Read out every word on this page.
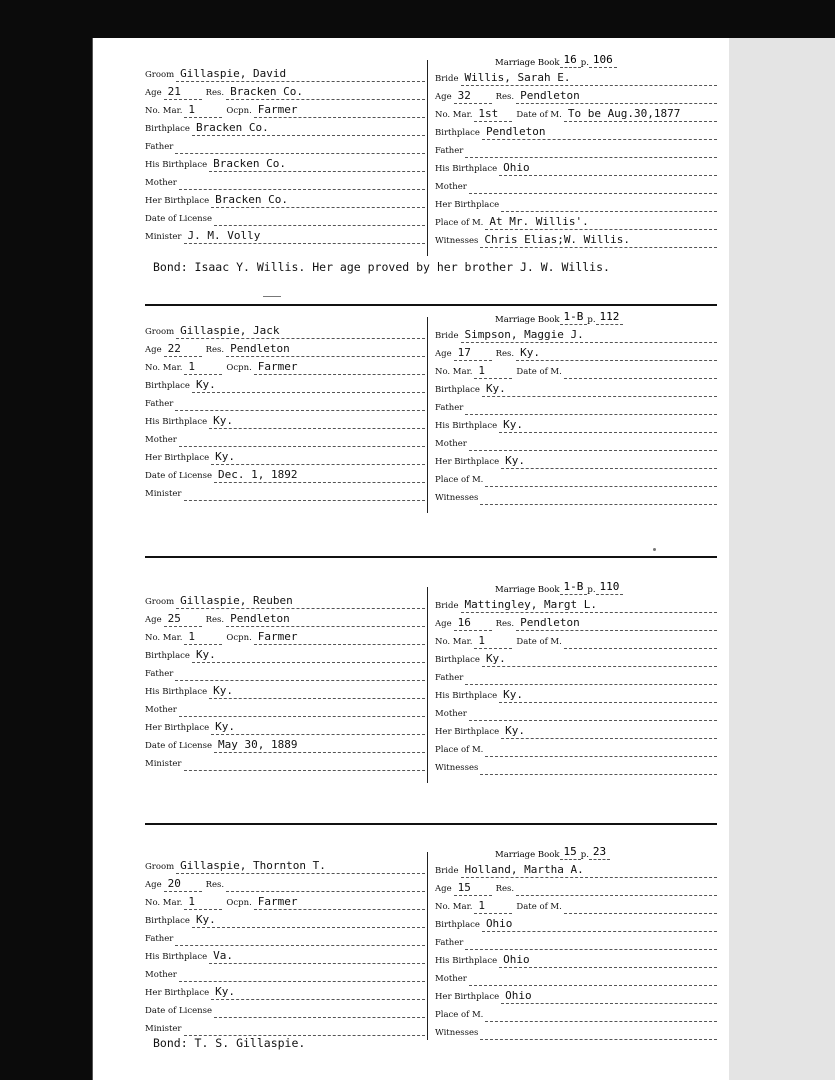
Groom Gillaspie, David
Age 21	Res. Bracken Co.
No. Mar. 1	Ocpn. Farmer
Birthplace Bracken Co.
Father
His Birthplace Bracken Co.
Mother
Her Birthplace Bracken Co.
Date of License
Minister J. M. Volly
Marriage Book 16 p. 106
Bride Willis, Sarah E.
Age 32	Res. Pendleton
No. Mar. 1st	Date of M. To be Aug.30,1877
Birthplace Pendleton
Father
His Birthplace Ohio
Mother
Her Birthplace
Place of M. At Mr. Willis'.
Witnesses Chris Elias;W. Willis.
Bond: Isaac Y. Willis. Her age proved by her brother J. W. Willis.
Groom Gillaspie, Jack
Age 22	Res. Pendleton
No. Mar. 1	Ocpn. Farmer
Birthplace Ky.
Father
His Birthplace Ky.
Mother
Her Birthplace Ky.
Date of License Dec. 1, 1892
Minister
Marriage Book 1-B p. 112
Bride Simpson, Maggie J.
Age 17	Res. Ky.
No. Mar. 1	Date of M.
Birthplace Ky.
Father
His Birthplace Ky.
Mother
Her Birthplace Ky.
Place of M.
Witnesses
Groom Gillaspie, Reuben
Age 25	Res. Pendleton
No. Mar. 1	Ocpn. Farmer
Birthplace Ky.
Father
His Birthplace Ky.
Mother
Her Birthplace Ky.
Date of License May 30, 1889
Minister
Marriage Book 1-B p. 110
Bride Mattingley, Margt L.
Age 16	Res. Pendleton
No. Mar. 1	Date of M.
Birthplace Ky.
Father
His Birthplace Ky.
Mother
Her Birthplace Ky.
Place of M.
Witnesses
Groom Gillaspie, Thornton T.
Age 20	Res.
No. Mar. 1	Ocpn. Farmer
Birthplace Ky.
Father
His Birthplace Va.
Mother
Her Birthplace Ky.
Date of License
Minister
Marriage Book 15 p. 23
Bride Holland, Martha A.
Age 15	Res.
No. Mar. 1	Date of M.
Birthplace Ohio
Father
His Birthplace Ohio
Mother
Her Birthplace Ohio
Place of M.
Witnesses
Bond: T. S. Gillaspie.
